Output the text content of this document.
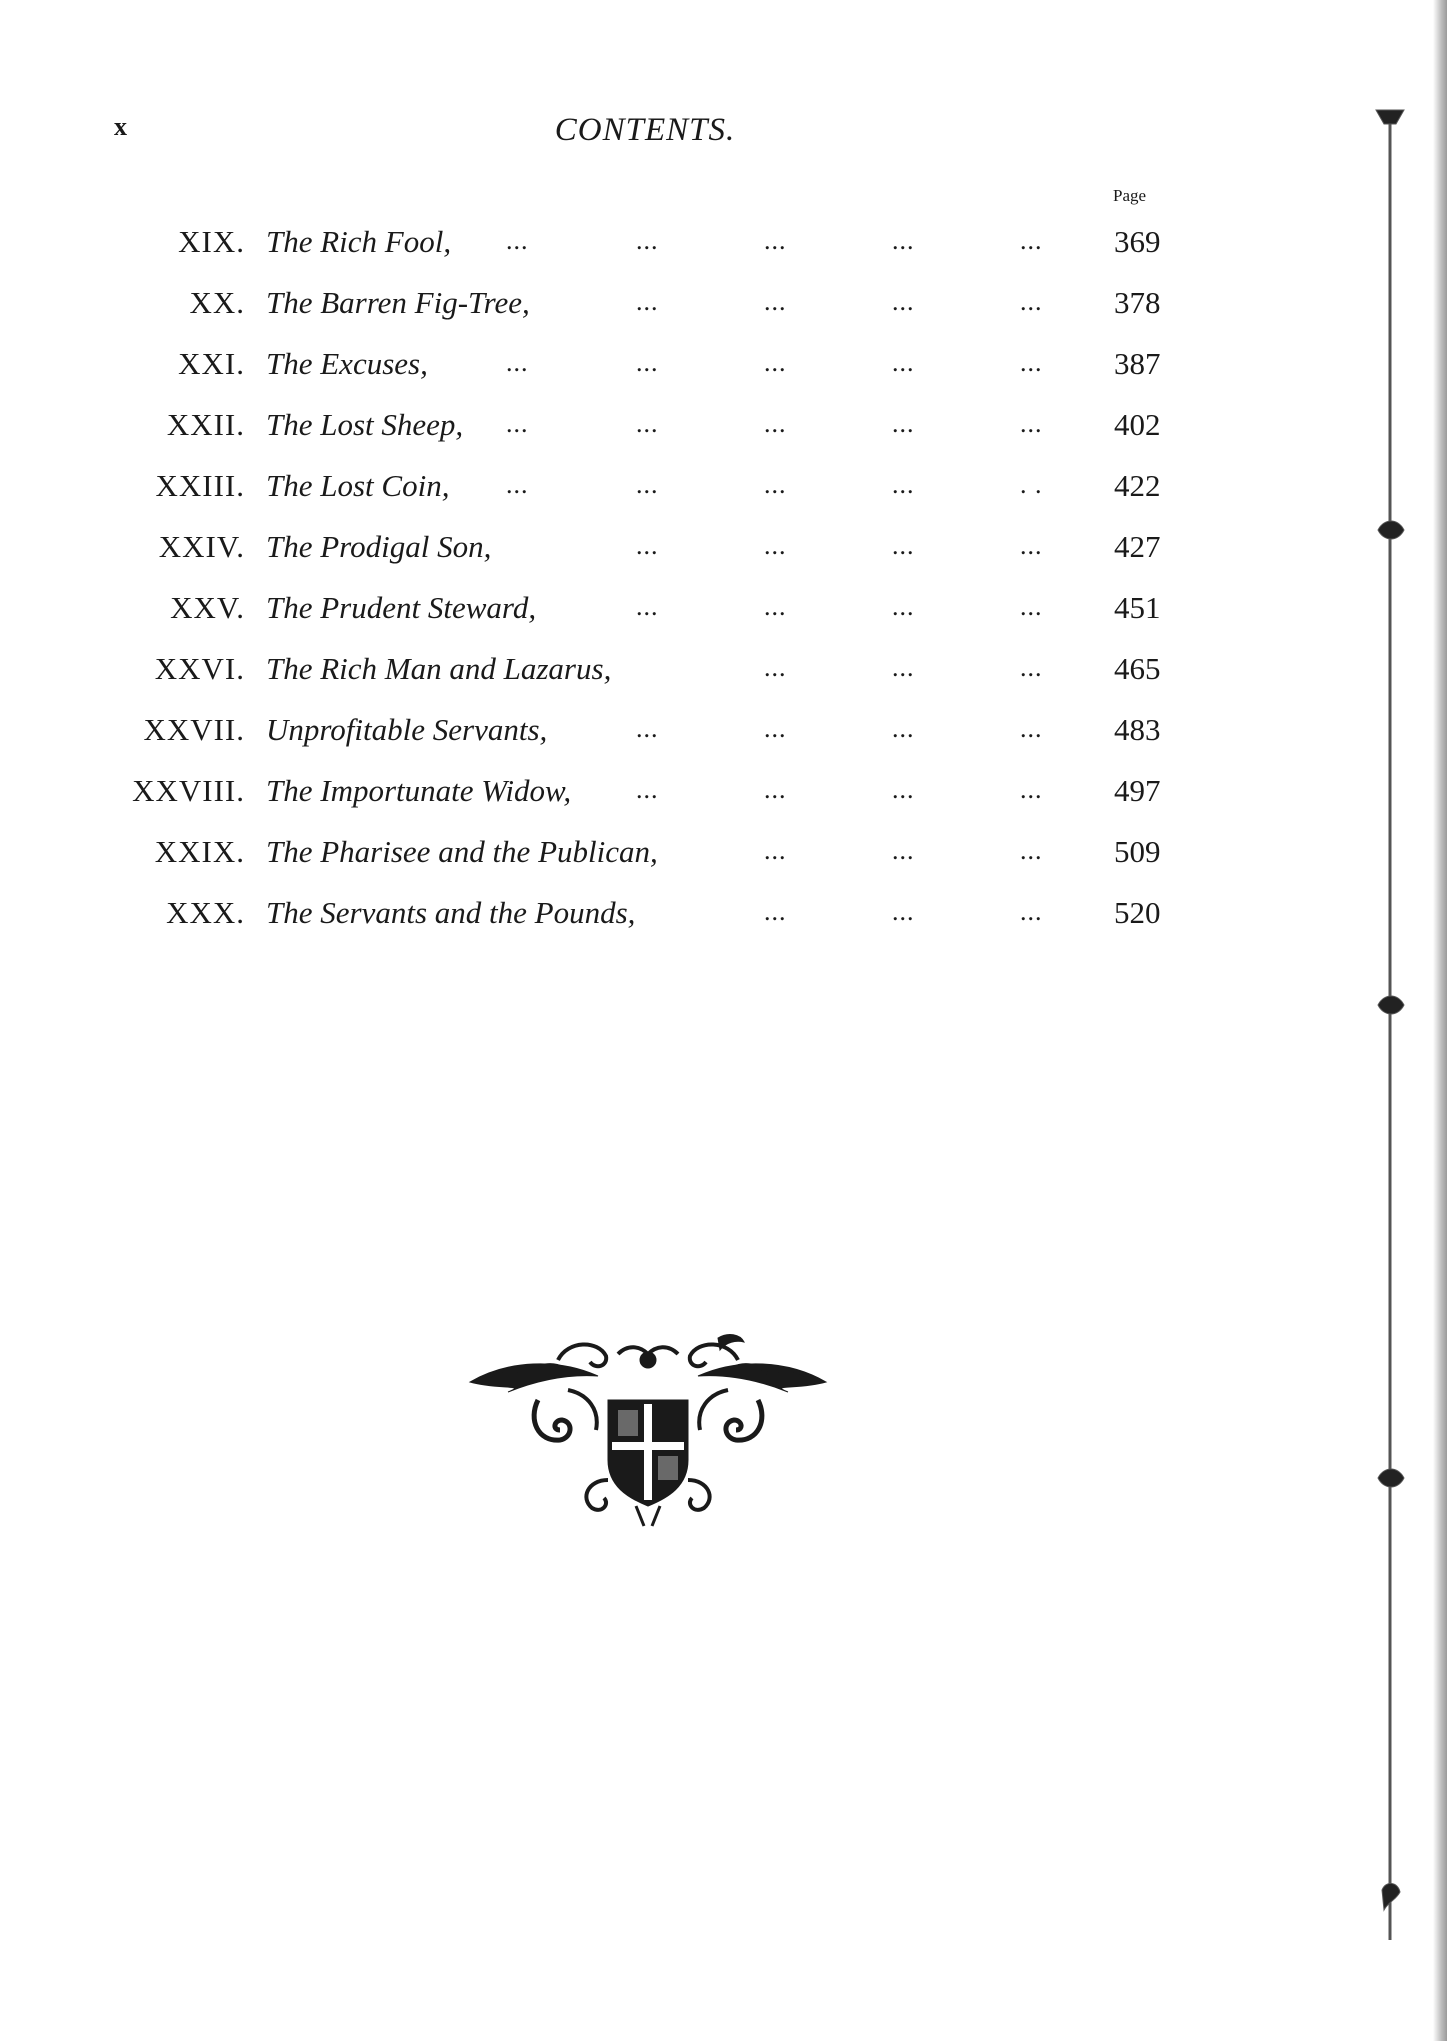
x	CONTENTS.
Page
XIX. The Rich Fool, ...	...	...	...	... 369
XX. The Barren Fig-Tree,	...	...	...	... 378
XXI. The Excuses,	...	...	...	...	... 387
XXII. The Lost Sheep, ...	...	...	...	... 402
XXIII. The Lost Coin, ...	...	...	...	. . 422
XXIV. The Prodigal Son,	...	...	...	... 427
XXV. The Prudent Steward,	...	...	...	... 451
XXVI. The Rich Man and Lazarus,	...	...	... 465
XXVII. Unprofitable Servants,	...	...	...	... 483
XXVIII. The Importunate Widow, ...	...	...	... 497
XXIX. The Pharisee and the Publican,	...	...	... 509
XXX. The Servants and the Pounds,	...	...	... 520
